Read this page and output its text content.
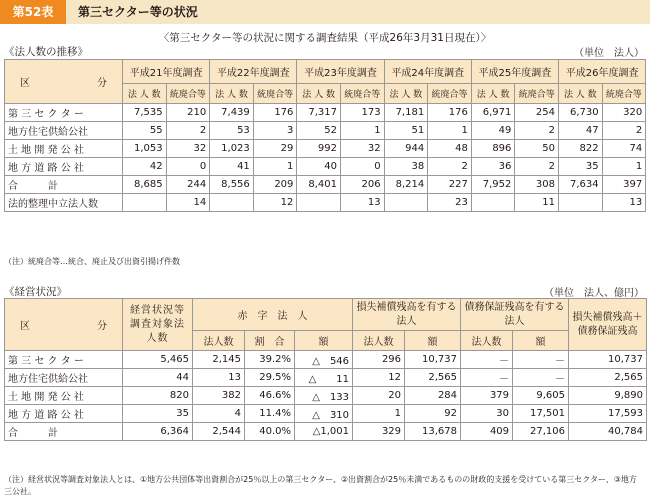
第52表	第三セクター等の状況
〈第三セクター等の状況に関する調査結果（平成26年3月31日現在）〉
《法人数の推移》	（単位　法人）
区 分	平成21年度調査		平成22年度調査		平成23年度調査		平成24年度調査		平成25年度調査		平成26年度調査	
	法 人 数	統廃合等	法 人 数	統廃合等	法 人 数	統廃合等	法 人 数	統廃合等	法 人 数	統廃合等	法 人 数	統廃合等
第 三 セ ク タ ー	7,535	210	7,439	176	7,317	173	7,181	176	6,971	254	6,730	320
地方住宅供給公社	55	2	53	3	52	1	51	1	49	2	47	2
土 地 開 発 公 社	1,053	32	1,023	29	992	32	944	48	896	50	822	74
地 方 道 路 公 社	42	0	41	1	40	0	38	2	36	2	35	1
合　　　計	8,685	244	8,556	209	8,401	206	8,214	227	7,952	308	7,634	397
法的整理中立法人数		14		12		13		23		11		13
（注）統廃合等…統合、廃止及び出資引揚げ件数
《経営状況》	（単位　法人、億円）
区 分	経営状況等調査対象法人数	赤　字　法　人			損失補償残高を有する法人		債務保証残高を有する法人		損失補償残高＋債務保証残高
		法人数	割　合	額	法人数	額	法人数	額	
第 三 セ ク タ ー	5,465	2,145	39.2%	△　546	296	10,737	－	－	10,737
地方住宅供給公社	44	13	29.5%	△　　11	12	2,565	－	－	2,565
土 地 開 発 公 社	820	382	46.6%	△　133	20	284	379	9,605	9,890
地 方 道 路 公 社	35	4	11.4%	△　310	1	92	30	17,501	17,593
合　　　計	6,364	2,544	40.0%	△1,001	329	13,678	409	27,106	40,784
（注）経営状況等調査対象法人とは、①地方公共団体等出資割合が25％以上の第三セクター、②出資割合が25％未満であるものの財政的支援を受けている第三セクター、③地方三公社。
